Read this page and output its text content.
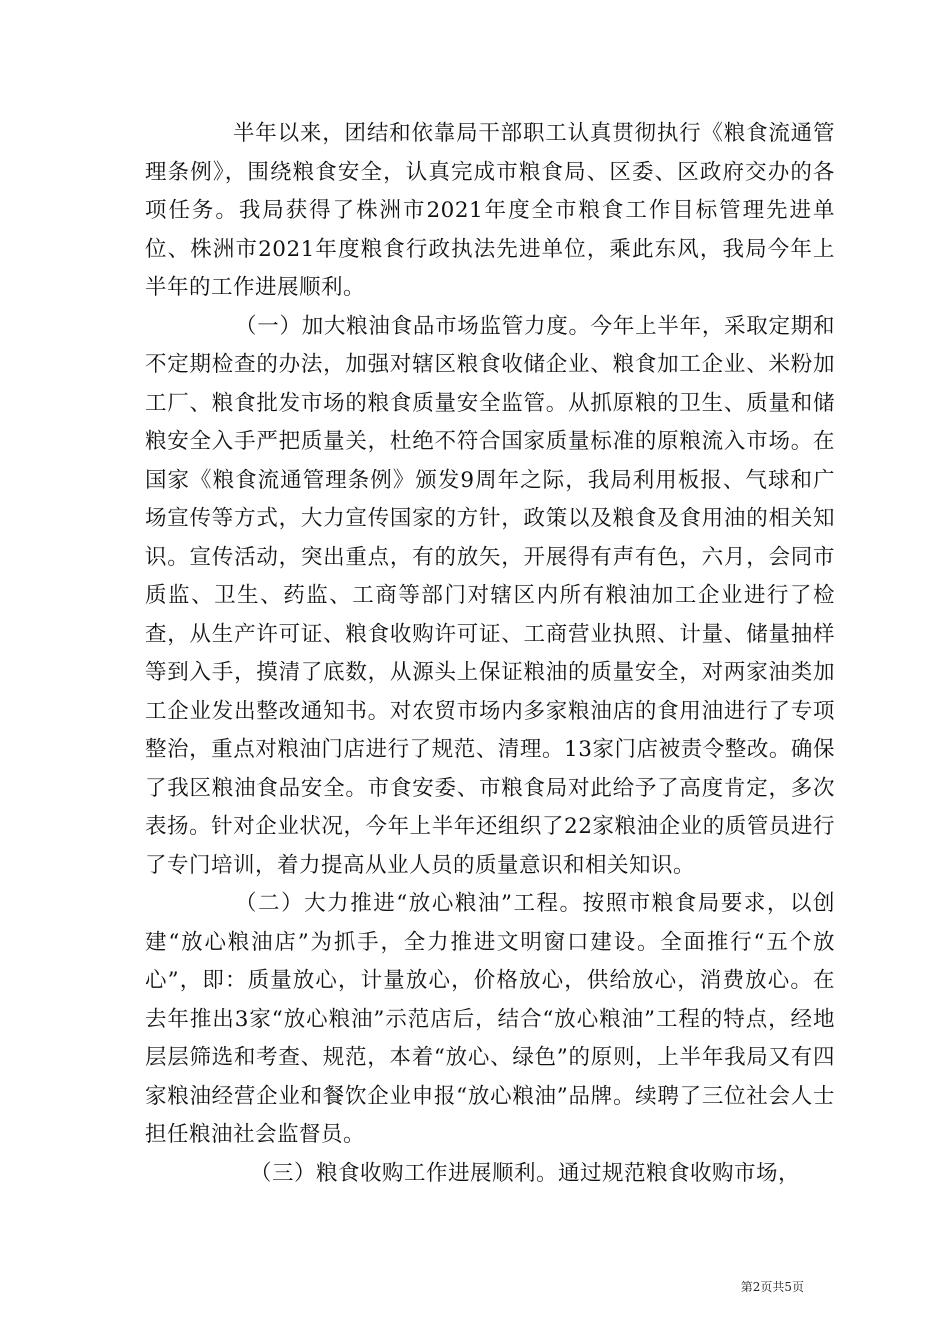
半年以来，团结和依靠局干部职工认真贯彻执行《粮食流通管理条例》，围绕粮食安全，认真完成市粮食局、区委、区政府交办的各项任务。我局获得了株洲市2021年度全市粮食工作目标管理先进单位、株洲市2021年度粮食行政执法先进单位，乘此东风，我局今年上半年的工作进展顺利。

（一）加大粮油食品市场监管力度。今年上半年，采取定期和不定期检查的办法，加强对辖区粮食收储企业、粮食加工企业、米粉加工厂、粮食批发市场的粮食质量安全监管。从抓原粮的卫生、质量和储粮安全入手严把质量关，杜绝不符合国家质量标准的原粮流入市场。在国家《粮食流通管理条例》颁发9周年之际，我局利用板报、气球和广场宣传等方式，大力宣传国家的方针，政策以及粮食及食用油的相关知识。宣传活动，突出重点，有的放矢，开展得有声有色，六月，会同市质监、卫生、药监、工商等部门对辖区内所有粮油加工企业进行了检查，从生产许可证、粮食收购许可证、工商营业执照、计量、储量抽样等到入手，摸清了底数，从源头上保证粮油的质量安全，对两家油类加工企业发出整改通知书。对农贸市场内多家粮油店的食用油进行了专项整治，重点对粮油门店进行了规范、清理。13家门店被责令整改。确保了我区粮油食品安全。市食安委、市粮食局对此给予了高度肯定，多次表扬。针对企业状况，今年上半年还组织了22家粮油企业的质管员进行了专门培训，着力提高从业人员的质量意识和相关知识。

（二）大力推进“放心粮油”工程。按照市粮食局要求，以创建“放心粮油店”为抓手，全力推进文明窗口建设。全面推行“五个放心”，即：质量放心，计量放心，价格放心，供给放心，消费放心。在去年推出3家“放心粮油”示范店后，结合“放心粮油”工程的特点，经地层层筛选和考查、规范，本着“放心、绿色”的原则，上半年我局又有四家粮油经营企业和餐饮企业申报“放心粮油”品牌。续聘了三位社会人士担任粮油社会监督员。

（三）粮食收购工作进展顺利。通过规范粮食收购市场，

第2页共5页
